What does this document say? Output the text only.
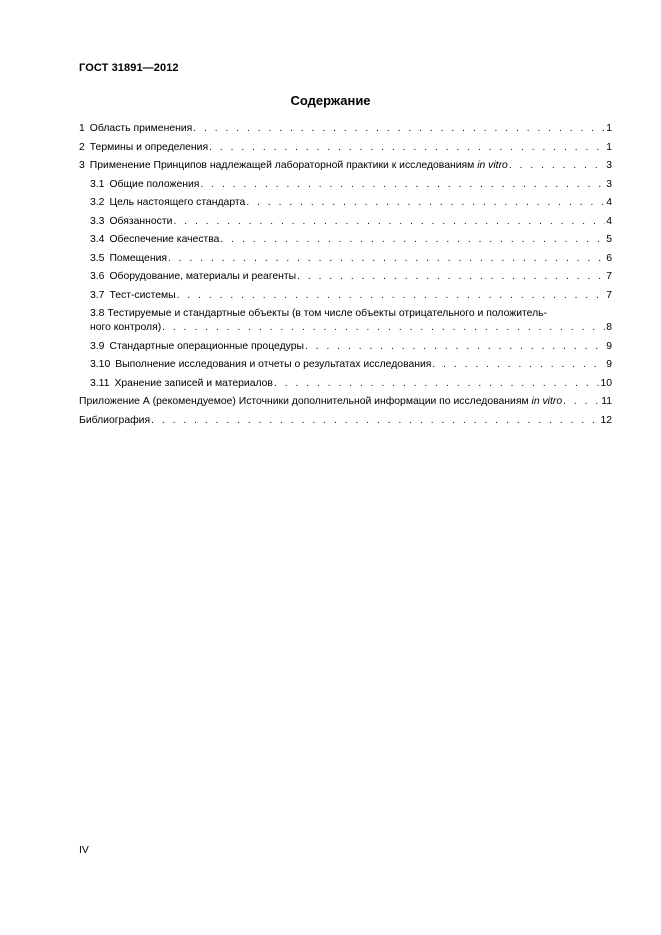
ГОСТ 31891—2012
Содержание
1 Область применения . . .	1
2 Термины и определения . . .	1
3 Применение Принципов надлежащей лабораторной практики к исследованиям
in vitro . . .	3
3.1 Общие положения . . .	3
3.2 Цель настоящего стандарта . . .	4
3.3 Обязанности . . .	4
3.4 Обеспечение качества . . .	5
3.5 Помещения . . .	6
3.6 Оборудование, материалы и реагенты . . .	7
3.7 Тест-системы . . .	7
3.8 Тестируемые и стандартные объекты (в том числе объекты отрицательного и положитель-
ного контроля) . . .	8
3.9 Стандартные операционные процедуры . . .	9
3.10 Выполнение исследования и отчеты о результатах исследования . . .	9
3.11 Хранение записей и материалов . . .	10
Приложение А (рекомендуемое) Источники дополнительной информации по исследованиям
in vitro . . .	11
Библиография . . .	12
IV
